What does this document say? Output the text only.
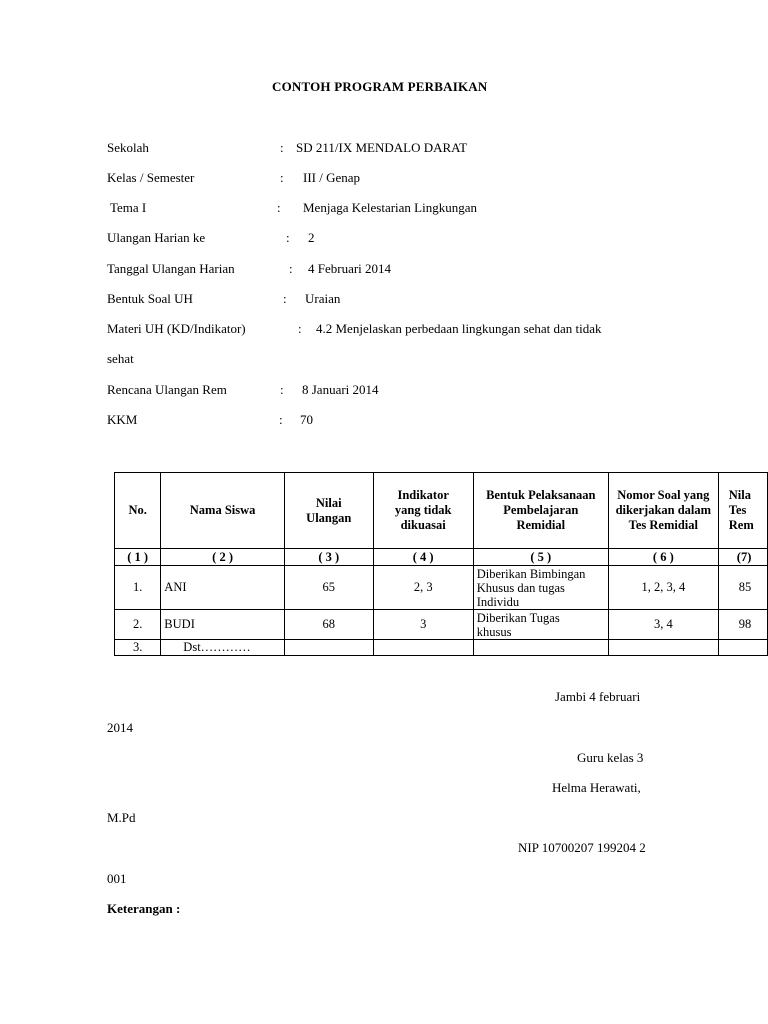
CONTOH PROGRAM PERBAIKAN
Sekolah	: SD 211/IX MENDALO DARAT
Kelas / Semester	: III / Genap
Tema I	: Menjaga Kelestarian Lingkungan
Ulangan Harian ke	: 2
Tanggal Ulangan Harian	: 4 Februari 2014
Bentuk Soal UH	: Uraian
Materi UH (KD/Indikator)	: 4.2 Menjelaskan perbedaan lingkungan sehat dan tidak
sehat
Rencana Ulangan Rem	: 8 Januari 2014
KKM	: 70
No.	Nama Siswa	Nilai Ulangan	Indikator yang tidak dikuasai	Bentuk Pelaksanaan Pembelajaran Remidial	Nomor Soal yang dikerjakan dalam Tes Remidial	Nila Tes Rem
( 1 )	( 2 )	( 3 )	( 4 )	( 5 )	( 6 )	(7)
1.	ANI	65	2, 3	Diberikan Bimbingan Khusus dan tugas Individu	1, 2, 3, 4	85
2.	BUDI	68	3	Diberikan Tugas khusus	3, 4	98
3.	Dst…………					
Jambi 4 februari
2014
Guru kelas 3
Helma Herawati,
M.Pd
NIP 10700207 199204 2
001
Keterangan :
